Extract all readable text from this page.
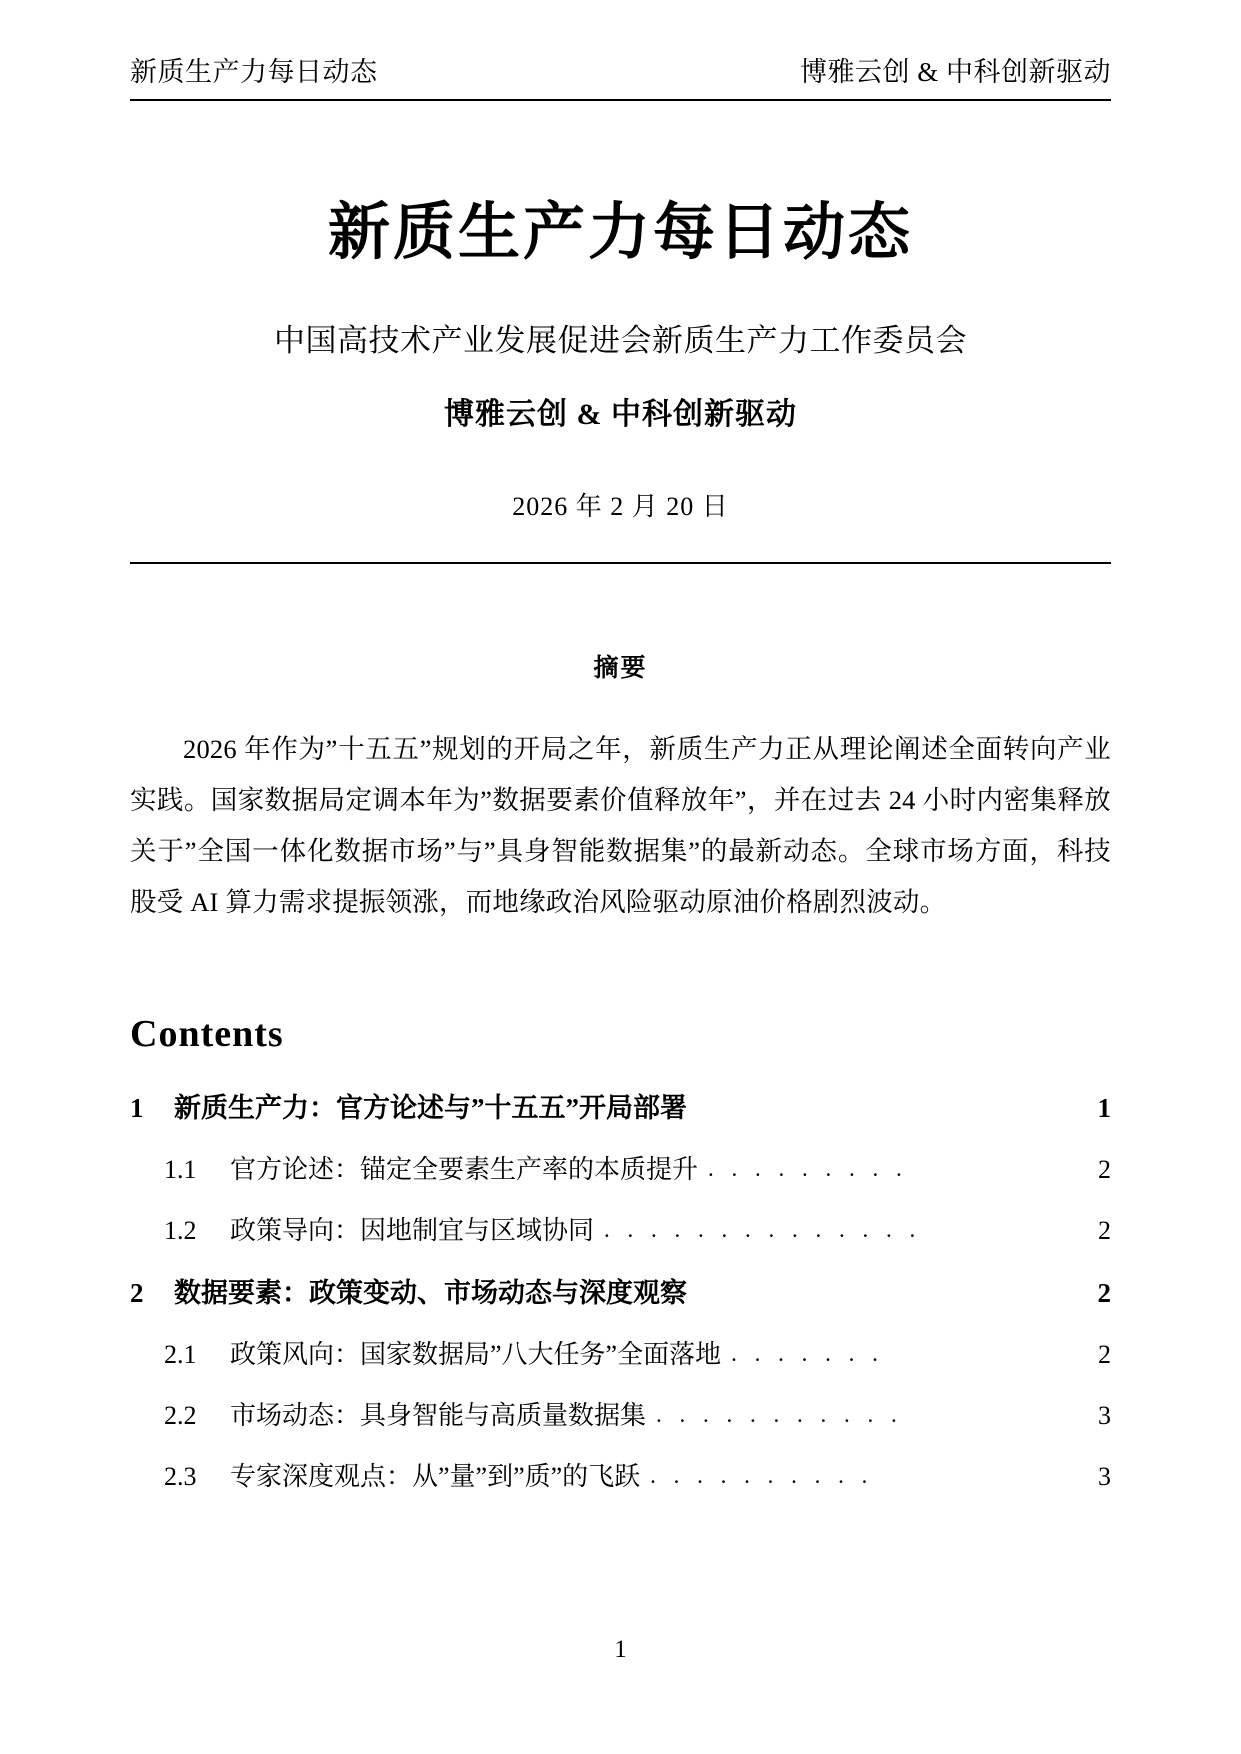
新质生产力每日动态	博雅云创 & 中科创新驱动
新质生产力每日动态
中国高技术产业发展促进会新质生产力工作委员会
博雅云创 & 中科创新驱动
2026 年 2 月 20 日
摘要

2026 年作为”十五五”规划的开局之年，新质生产力正从理论阐述全面转向产业实践。国家数据局定调本年为”数据要素价值释放年”，并在过去 24 小时内密集释放关于”全国一体化数据市场”与”具身智能数据集”的最新动态。全球市场方面，科技股受 AI 算力需求提振领涨，而地缘政治风险驱动原油价格剧烈波动。

Contents
1	新质生产力：官方论述与”十五五”开局部署	1
1.1	官方论述：锚定全要素生产率的本质提升 . . . . . . . . .	2
1.2	政策导向：因地制宜与区域协同 . . . . . . . . . . . . . .	2
2	数据要素：政策变动、市场动态与深度观察	2
2.1	政策风向：国家数据局”八大任务”全面落地 . . . . . . .	2
2.2	市场动态：具身智能与高质量数据集 . . . . . . . . . . .	3
2.3	专家深度观点：从”量”到”质”的飞跃 . . . . . . . . . .	3
1
